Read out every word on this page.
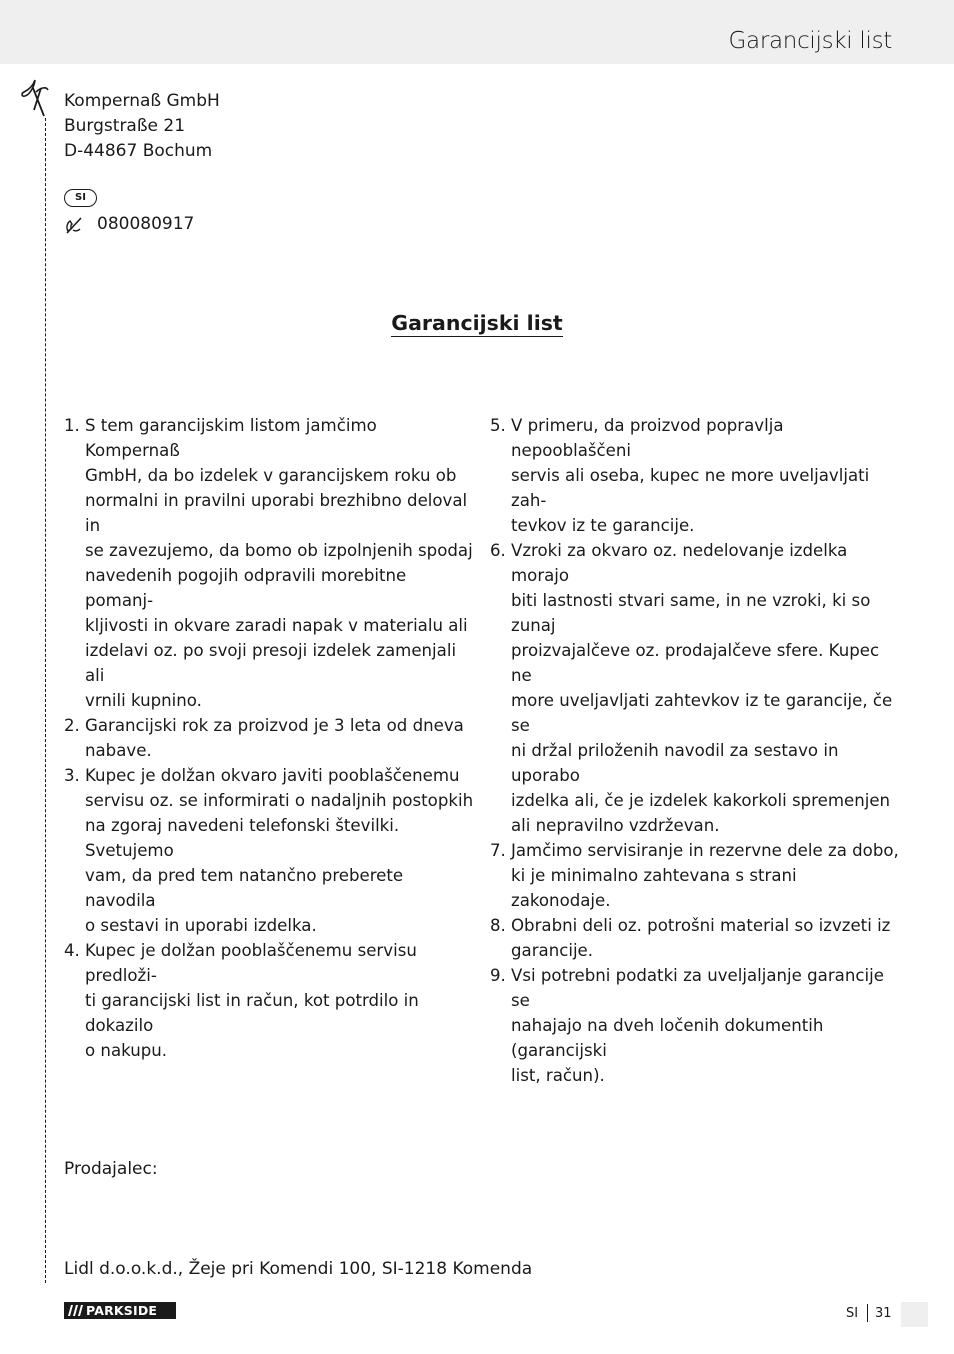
Garancijski list
Kompernaß GmbH
Burgstraße 21
D-44867 Bochum
SI
080080917
Garancijski list
1. S tem garancijskim listom jamčimo Kompernaß
GmbH, da bo izdelek v garancijskem roku ob
normalni in pravilni uporabi brezhibno deloval in
se zavezujemo, da bomo ob izpolnjenih spodaj
navedenih pogojih odpravili morebitne pomanj-
kljivosti in okvare zaradi napak v materialu ali
izdelavi oz. po svoji presoji izdelek zamenjali ali
vrnili kupnino.
2. Garancijski rok za proizvod je 3 leta od dneva
nabave.
3. Kupec je dolžan okvaro javiti pooblaščenemu
servisu oz. se informirati o nadaljnih postopkih
na zgoraj navedeni telefonski številki. Svetujemo
vam, da pred tem natančno preberete navodila
o sestavi in uporabi izdelka.
4. Kupec je dolžan pooblaščenemu servisu predloži-
ti garancijski list in račun, kot potrdilo in dokazilo
o nakupu.
5. V primeru, da proizvod popravlja nepooblaščeni
servis ali oseba, kupec ne more uveljavljati zah-
tevkov iz te garancije.
6. Vzroki za okvaro oz. nedelovanje izdelka morajo
biti lastnosti stvari same, in ne vzroki, ki so zunaj
proizvajalčeve oz. prodajalčeve sfere. Kupec ne
more uveljavljati zahtevkov iz te garancije, če se
ni držal priloženih navodil za sestavo in uporabo
izdelka ali, če je izdelek kakorkoli spremenjen
ali nepravilno vzdrževan.
7. Jamčimo servisiranje in rezervne dele za dobo,
ki je minimalno zahtevana s strani zakonodaje.
8. Obrabni deli oz. potrošni material so izvzeti iz
garancije.
9. Vsi potrebni podatki za uveljaljanje garancije se
nahajajo na dveh ločenih dokumentih (garancijski
list, račun).
Prodajalec:
Lidl d.o.o.k.d., Žeje pri Komendi 100, SI-1218 Komenda
PARKSIDE	SI 31
